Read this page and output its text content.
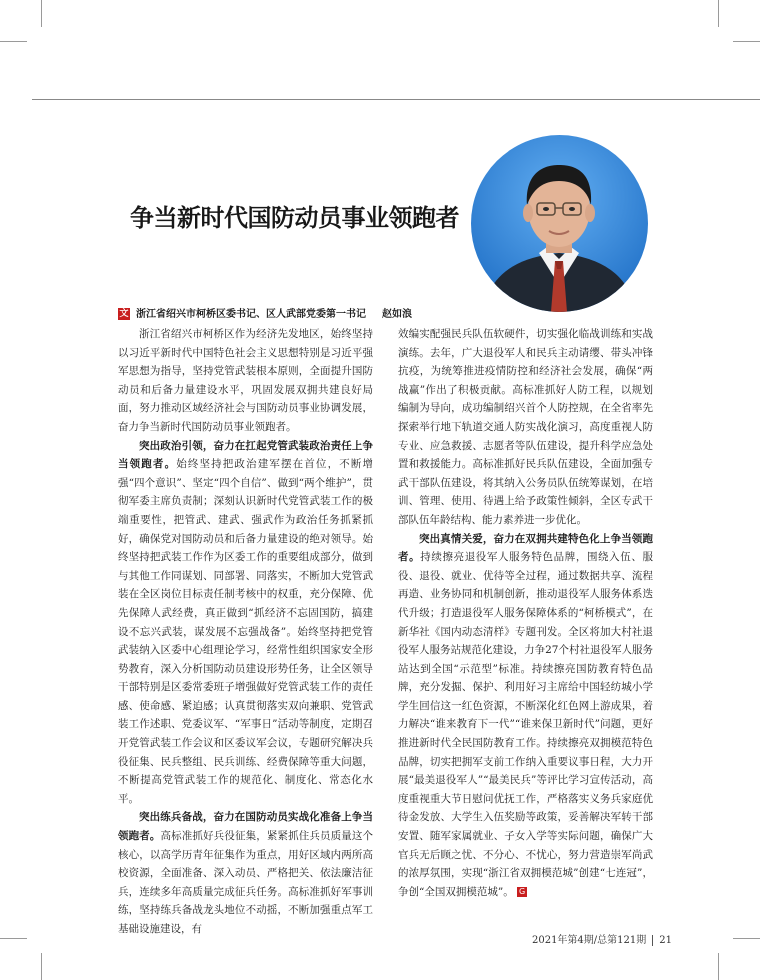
争当新时代国防动员事业领跑者
文 浙江省绍兴市柯桥区委书记、区人武部党委第一书记 赵如浪

浙江省绍兴市柯桥区作为经济先发地区，始终坚持以习近平新时代中国特色社会主义思想特别是习近平强军思想为指导，坚持党管武装根本原则，全面提升国防动员和后备力量建设水平，巩固发展双拥共建良好局面，努力推动区域经济社会与国防动员事业协调发展，奋力争当新时代国防动员事业领跑者。

突出政治引领，奋力在扛起党管武装政治责任上争当领跑者。始终坚持把政治建军摆在首位，不断增强“四个意识”、坚定“四个自信”、做到“两个维护”，贯彻军委主席负责制；深刻认识新时代党管武装工作的极端重要性，把管武、建武、强武作为政治任务抓紧抓好，确保党对国防动员和后备力量建设的绝对领导。始终坚持把武装工作作为区委工作的重要组成部分，做到与其他工作同谋划、同部署、同落实，不断加大党管武装在全区岗位目标责任制考核中的权重，充分保障、优先保障人武经费，真正做到“抓经济不忘固国防，搞建设不忘兴武装，谋发展不忘强战备”。始终坚持把党管武装纳入区委中心组理论学习，经常性组织国家安全形势教育，深入分析国防动员建设形势任务，让全区领导干部特别是区委常委班子增强做好党管武装工作的责任感、使命感、紧迫感；认真贯彻落实双向兼职、党管武装工作述职、党委议军、“军事日”活动等制度，定期召开党管武装工作会议和区委议军会议，专题研究解决兵役征集、民兵整组、民兵训练、经费保障等重大问题，不断提高党管武装工作的规范化、制度化、常态化水平。

突出练兵备战，奋力在国防动员实战化准备上争当领跑者。高标准抓好兵役征集，紧紧抓住兵员质量这个核心，以高学历青年征集作为重点，用好区域内两所高校资源，全面准备、深入动员、严格把关、依法廉洁征兵，连续多年高质量完成征兵任务。高标准抓好军事训练，坚持练兵备战龙头地位不动摇，不断加强重点军工基础设施建设，有

效编实配强民兵队伍软硬件，切实强化临战训练和实战演练。去年，广大退役军人和民兵主动请缨、带头冲锋抗疫，为统筹推进疫情防控和经济社会发展，确保“两战赢”作出了积极贡献。高标准抓好人防工程，以规划编制为导向，成功编制绍兴首个人防控规，在全省率先探索举行地下轨道交通人防实战化演习，高度重视人防专业、应急救援、志愿者等队伍建设，提升科学应急处置和救援能力。高标准抓好民兵队伍建设，全面加强专武干部队伍建设，将其纳入公务员队伍统筹谋划，在培训、管理、使用、待遇上给予政策性倾斜，全区专武干部队伍年龄结构、能力素养进一步优化。

突出真情关爱，奋力在双拥共建特色化上争当领跑者。持续擦亮退役军人服务特色品牌，围绕入伍、服役、退役、就业、优待等全过程，通过数据共享、流程再造、业务协同和机制创新，推动退役军人服务体系迭代升级；打造退役军人服务保障体系的“柯桥模式”，在新华社《国内动态清样》专题刊发。全区将加大村社退役军人服务站规范化建设，力争27个村社退役军人服务站达到全国“示范型”标准。持续擦亮国防教育特色品牌，充分发掘、保护、利用好习主席给中国轻纺城小学学生回信这一红色资源，不断深化红色网上游成果，着力解决“谁来教育下一代”“谁来保卫新时代”问题，更好推进新时代全民国防教育工作。持续擦亮双拥模范特色品牌，切实把拥军支前工作纳入重要议事日程，大力开展“最美退役军人”“最美民兵”等评比学习宣传活动，高度重视重大节日慰问优抚工作，严格落实义务兵家庭优待金发放、大学生入伍奖励等政策，妥善解决军转干部安置、随军家属就业、子女入学等实际问题，确保广大官兵无后顾之忧、不分心、不忧心，努力营造崇军尚武的浓厚氛围，实现“浙江省双拥模范城”创建“七连冠”，争创“全国双拥模范城”。 G

2021年第4期/总第121期 21
